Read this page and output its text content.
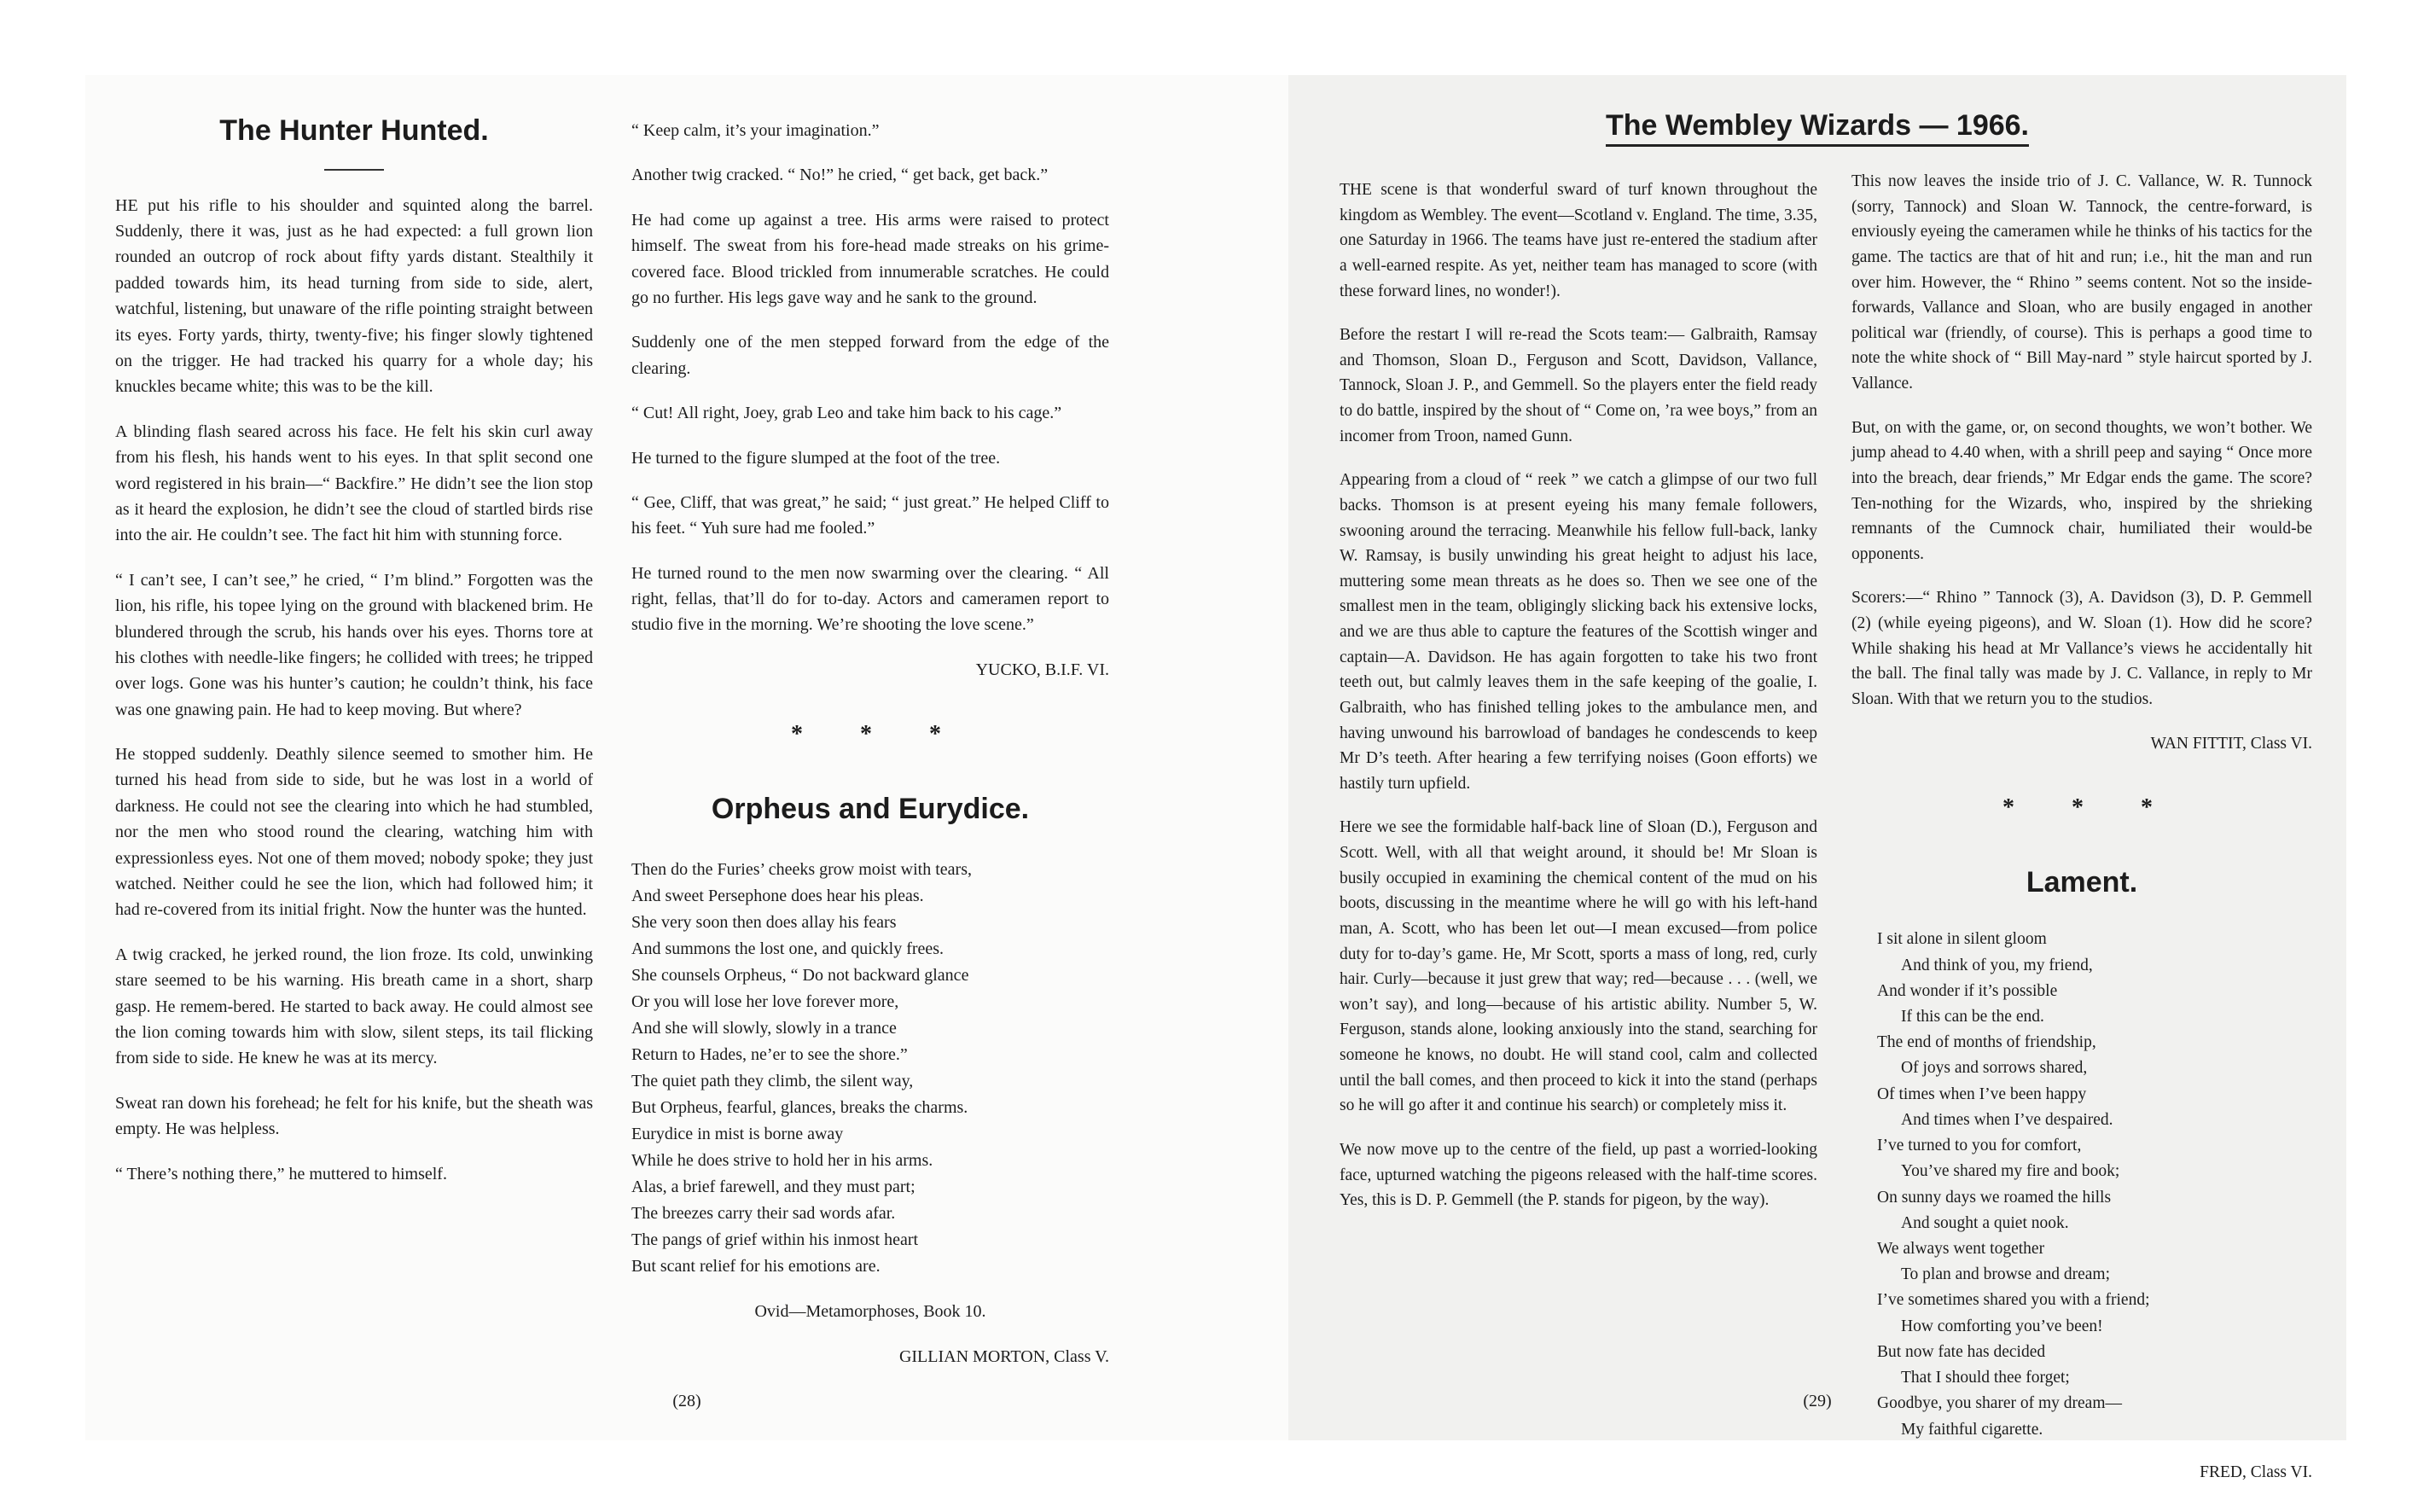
The Hunter Hunted.

HE put his rifle to his shoulder and squinted along the barrel. Suddenly, there it was, just as he had expected: a full grown lion rounded an outcrop of rock about fifty yards distant. Stealthily it padded towards him, its head turning from side to side, alert, watchful, listening, but unaware of the rifle pointing straight between its eyes. Forty yards, thirty, twenty-five; his finger slowly tightened on the trigger. He had tracked his quarry for a whole day; his knuckles became white; this was to be the kill.

A blinding flash seared across his face. He felt his skin curl away from his flesh, his hands went to his eyes. In that split second one word registered in his brain—“ Backfire.” He didn’t see the lion stop as it heard the explosion, he didn’t see the cloud of startled birds rise into the air. He couldn’t see. The fact hit him with stunning force.

“ I can’t see, I can’t see,” he cried, “ I’m blind.” Forgotten was the lion, his rifle, his topee lying on the ground with blackened brim. He blundered through the scrub, his hands over his eyes. Thorns tore at his clothes with needle-like fingers; he collided with trees; he tripped over logs. Gone was his hunter’s caution; he couldn’t think, his face was one gnawing pain. He had to keep moving. But where?

He stopped suddenly. Deathly silence seemed to smother him. He turned his head from side to side, but he was lost in a world of darkness. He could not see the clearing into which he had stumbled, nor the men who stood round the clearing, watching him with expressionless eyes. Not one of them moved; nobody spoke; they just watched. Neither could he see the lion, which had followed him; it had re-covered from its initial fright. Now the hunter was the hunted.

A twig cracked, he jerked round, the lion froze. Its cold, unwinking stare seemed to be his warning. His breath came in a short, sharp gasp. He remem-bered. He started to back away. He could almost see the lion coming towards him with slow, silent steps, its tail flicking from side to side. He knew he was at its mercy.

Sweat ran down his forehead; he felt for his knife, but the sheath was empty. He was helpless.

“ There’s nothing there,” he muttered to himself.

“ Keep calm, it’s your imagination.”

Another twig cracked. “ No!” he cried, “ get back, get back.”

He had come up against a tree. His arms were raised to protect himself. The sweat from his fore-head made streaks on his grime-covered face. Blood trickled from innumerable scratches. He could go no further. His legs gave way and he sank to the ground.

Suddenly one of the men stepped forward from the edge of the clearing.

“ Cut! All right, Joey, grab Leo and take him back to his cage.”

He turned to the figure slumped at the foot of the tree.

“ Gee, Cliff, that was great,” he said; “ just great.” He helped Cliff to his feet. “ Yuh sure had me fooled.”

He turned round to the men now swarming over the clearing. “ All right, fellas, that’ll do for to-day. Actors and cameramen report to studio five in the morning. We’re shooting the love scene.”

YUCKO, B.I.F. VI.
* * *
Orpheus and Eurydice.
Then do the Furies’ cheeks grow moist with tears,
And sweet Persephone does hear his pleas.
She very soon then does allay his fears
And summons the lost one, and quickly frees.
She counsels Orpheus, “ Do not backward glance
Or you will lose her love forever more,
And she will slowly, slowly in a trance
Return to Hades, ne’er to see the shore.”
The quiet path they climb, the silent way,
But Orpheus, fearful, glances, breaks the charms.
Eurydice in mist is borne away
While he does strive to hold her in his arms.
Alas, a brief farewell, and they must part;
The breezes carry their sad words afar.
The pangs of grief within his inmost heart
But scant relief for his emotions are.
Ovid—Metamorphoses, Book 10.
GILLIAN MORTON, Class V.
(28)
The Wembley Wizards — 1966.

THE scene is that wonderful sward of turf known throughout the kingdom as Wembley. The event—Scotland v. England. The time, 3.35, one Saturday in 1966. The teams have just re-entered the stadium after a well-earned respite. As yet, neither team has managed to score (with these forward lines, no wonder!).

Before the restart I will re-read the Scots team:— Galbraith, Ramsay and Thomson, Sloan D., Ferguson and Scott, Davidson, Vallance, Tannock, Sloan J. P., and Gemmell. So the players enter the field ready to do battle, inspired by the shout of “ Come on, ’ra wee boys,” from an incomer from Troon, named Gunn.

Appearing from a cloud of “ reek ” we catch a glimpse of our two full backs. Thomson is at present eyeing his many female followers, swooning around the terracing. Meanwhile his fellow full-back, lanky W. Ramsay, is busily unwinding his great height to adjust his lace, muttering some mean threats as he does so. Then we see one of the smallest men in the team, obligingly slicking back his extensive locks, and we are thus able to capture the features of the Scottish winger and captain—A. Davidson. He has again forgotten to take his two front teeth out, but calmly leaves them in the safe keeping of the goalie, I. Galbraith, who has finished telling jokes to the ambulance men, and having unwound his barrowload of bandages he condescends to keep Mr D’s teeth. After hearing a few terrifying noises (Goon efforts) we hastily turn upfield.

Here we see the formidable half-back line of Sloan (D.), Ferguson and Scott. Well, with all that weight around, it should be! Mr Sloan is busily occupied in examining the chemical content of the mud on his boots, discussing in the meantime where he will go with his left-hand man, A. Scott, who has been let out—I mean excused—from police duty for to-day’s game. He, Mr Scott, sports a mass of long, red, curly hair. Curly—because it just grew that way; red—because . . . (well, we won’t say), and long—because of his artistic ability. Number 5, W. Ferguson, stands alone, looking anxiously into the stand, searching for someone he knows, no doubt. He will stand cool, calm and collected until the ball comes, and then proceed to kick it into the stand (perhaps so he will go after it and continue his search) or completely miss it.

We now move up to the centre of the field, up past a worried-looking face, upturned watching the pigeons released with the half-time scores. Yes, this is D. P. Gemmell (the P. stands for pigeon, by the way).

This now leaves the inside trio of J. C. Vallance, W. R. Tunnock (sorry, Tannock) and Sloan W. Tannock, the centre-forward, is enviously eyeing the cameramen while he thinks of his tactics for the game. The tactics are that of hit and run; i.e., hit the man and run over him. However, the “ Rhino ” seems content. Not so the inside-forwards, Vallance and Sloan, who are busily engaged in another political war (friendly, of course). This is perhaps a good time to note the white shock of “ Bill May-nard ” style haircut sported by J. Vallance.

But, on with the game, or, on second thoughts, we won’t bother. We jump ahead to 4.40 when, with a shrill peep and saying “ Once more into the breach, dear friends,” Mr Edgar ends the game. The score? Ten-nothing for the Wizards, who, inspired by the shrieking remnants of the Cumnock chair, humiliated their would-be opponents.

Scorers:—“ Rhino ” Tannock (3), A. Davidson (3), D. P. Gemmell (2) (while eyeing pigeons), and W. Sloan (1). How did he score? While shaking his head at Mr Vallance’s views he accidentally hit the ball. The final tally was made by J. C. Vallance, in reply to Mr Sloan. With that we return you to the studios.

WAN FITTIT, Class VI.
* * *
Lament.
I sit alone in silent gloom
And think of you, my friend,
And wonder if it’s possible
If this can be the end.
The end of months of friendship,
Of joys and sorrows shared,
Of times when I’ve been happy
And times when I’ve despaired.
I’ve turned to you for comfort,
You’ve shared my fire and book;
On sunny days we roamed the hills
And sought a quiet nook.
We always went together
To plan and browse and dream;
I’ve sometimes shared you with a friend;
How comforting you’ve been!
But now fate has decided
That I should thee forget;
Goodbye, you sharer of my dream—
My faithful cigarette.
FRED, Class VI.
(29)
